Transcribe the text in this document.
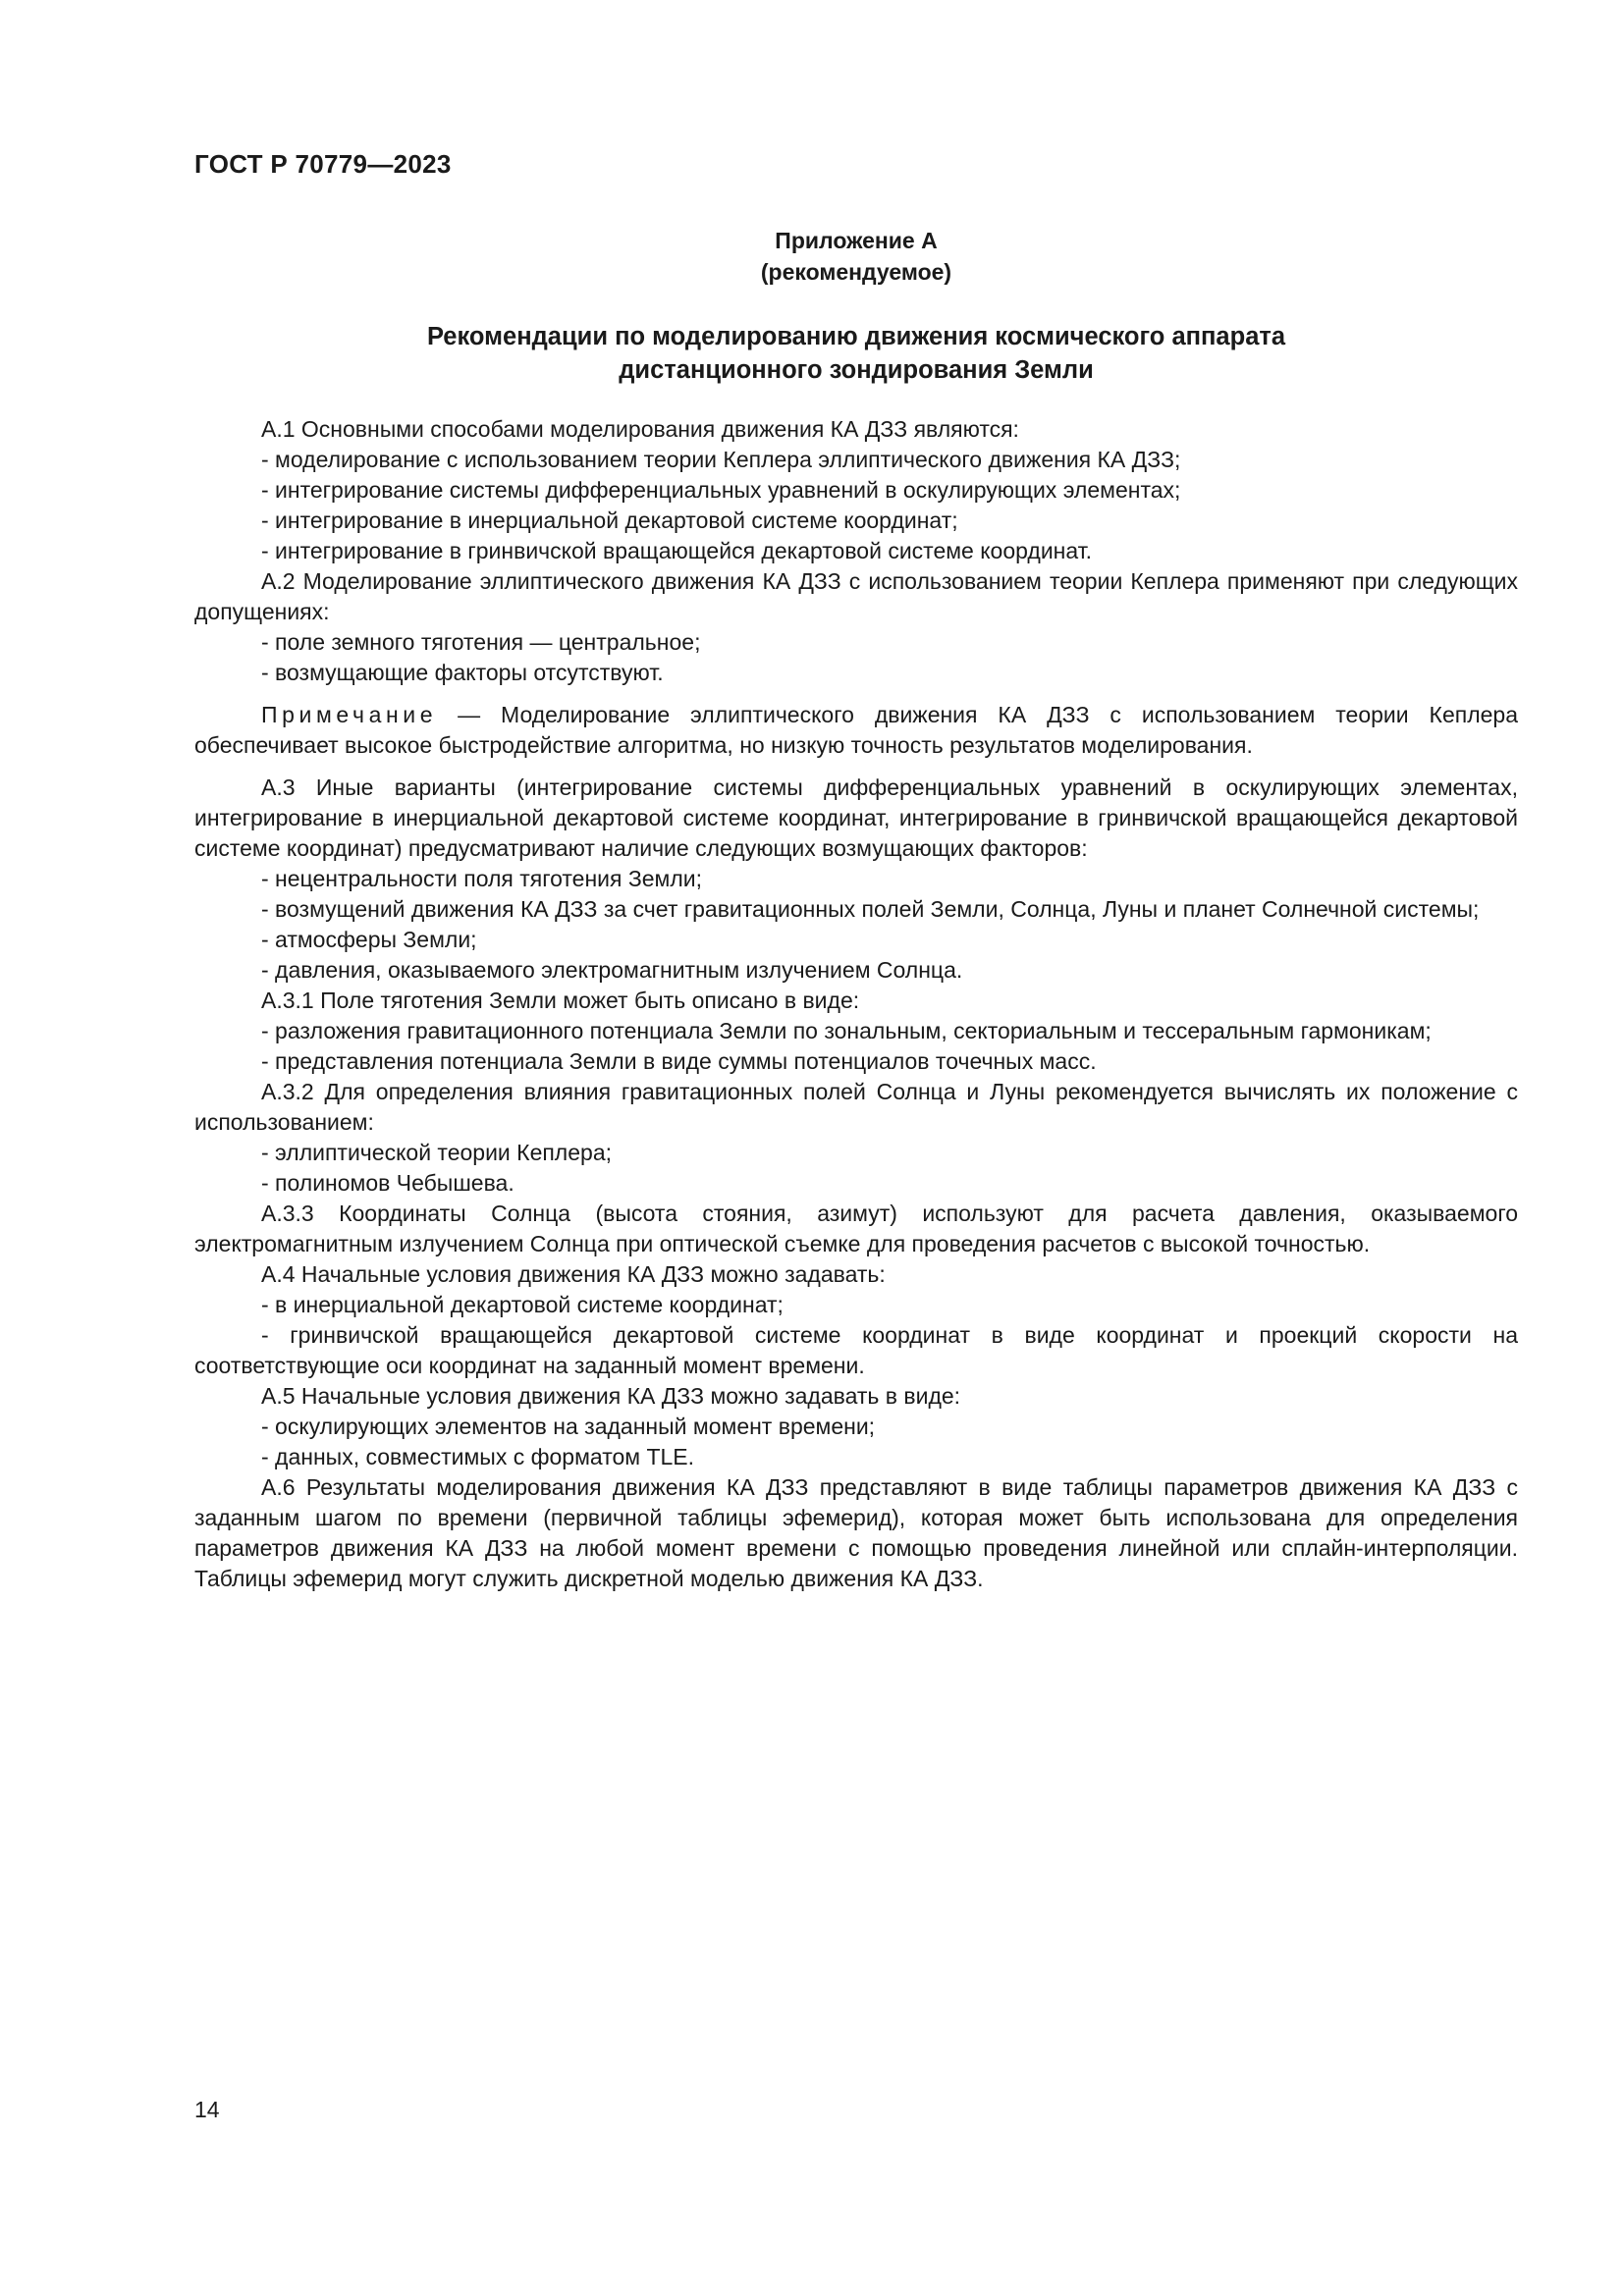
ГОСТ Р 70779—2023
Приложение А
(рекомендуемое)
Рекомендации по моделированию движения космического аппарата
дистанционного зондирования Земли

А.1 Основными способами моделирования движения КА ДЗЗ являются:

- моделирование с использованием теории Кеплера эллиптического движения КА ДЗЗ;

- интегрирование системы дифференциальных уравнений в оскулирующих элементах;

- интегрирование в инерциальной декартовой системе координат;

- интегрирование в гринвичской вращающейся декартовой системе координат.

А.2 Моделирование эллиптического движения КА ДЗЗ с использованием теории Кеплера применяют при следующих допущениях:

- поле земного тяготения — центральное;

- возмущающие факторы отсутствуют.

Примечание — Моделирование эллиптического движения КА ДЗЗ с использованием теории Кеплера обеспечивает высокое быстродействие алгоритма, но низкую точность результатов моделирования.

А.3 Иные варианты (интегрирование системы дифференциальных уравнений в оскулирующих элементах, интегрирование в инерциальной декартовой системе координат, интегрирование в гринвичской вращающейся декартовой системе координат) предусматривают наличие следующих возмущающих факторов:

- нецентральности поля тяготения Земли;

- возмущений движения КА ДЗЗ за счет гравитационных полей Земли, Солнца, Луны и планет Солнечной системы;

- атмосферы Земли;

- давления, оказываемого электромагнитным излучением Солнца.

А.3.1 Поле тяготения Земли может быть описано в виде:

- разложения гравитационного потенциала Земли по зональным, секториальным и тессеральным гармоникам;

- представления потенциала Земли в виде суммы потенциалов точечных масс.

А.3.2 Для определения влияния гравитационных полей Солнца и Луны рекомендуется вычислять их положение с использованием:

- эллиптической теории Кеплера;

- полиномов Чебышева.

А.3.3 Координаты Солнца (высота стояния, азимут) используют для расчета давления, оказываемого электромагнитным излучением Солнца при оптической съемке для проведения расчетов с высокой точностью.

А.4 Начальные условия движения КА ДЗЗ можно задавать:

- в инерциальной декартовой системе координат;

- гринвичской вращающейся декартовой системе координат в виде координат и проекций скорости на соответствующие оси координат на заданный момент времени.

А.5 Начальные условия движения КА ДЗЗ можно задавать в виде:

- оскулирующих элементов на заданный момент времени;

- данных, совместимых с форматом TLE.

А.6 Результаты моделирования движения КА ДЗЗ представляют в виде таблицы параметров движения КА ДЗЗ с заданным шагом по времени (первичной таблицы эфемерид), которая может быть использована для определения параметров движения КА ДЗЗ на любой момент времени с помощью проведения линейной или сплайн-интерполяции. Таблицы эфемерид могут служить дискретной моделью движения КА ДЗЗ.

14
